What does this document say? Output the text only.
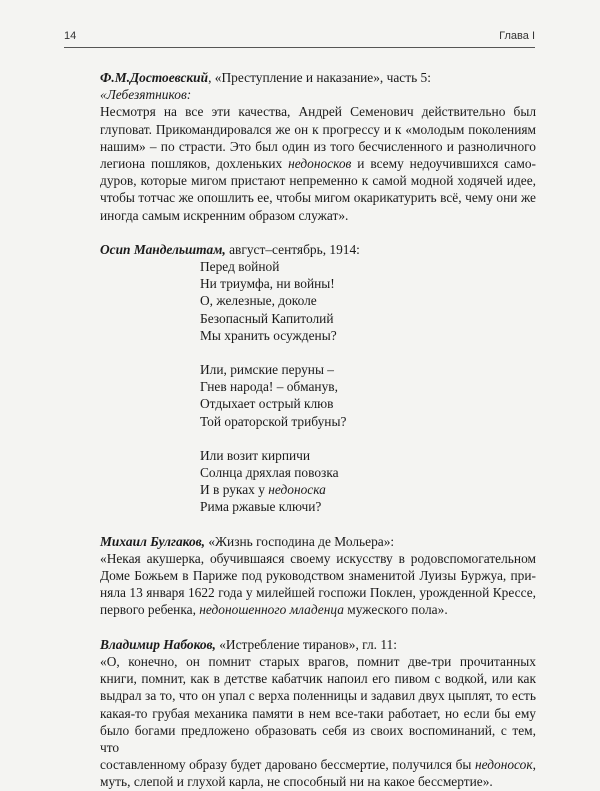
14	Глава I
Ф.М.Достоевский, «Преступление и наказание», часть 5:
«Лебезятников:
Несмотря на все эти качества, Андрей Семенович действительно был
глуповат. Прикомандировался же он к прогрессу и к «молодым поколениям
нашим» – по страсти. Это был один из того бесчисленного и разноличного
легиона пошляков, дохленьких недоносков и всему недоучившихся само-
дуров, которые мигом пристают непременно к самой модной ходячей идее,
чтобы тотчас же опошлить ее, чтобы мигом окарикатурить всё, чему они же
иногда самым искренним образом служат».
Осип Мандельштам, август–сентябрь, 1914:
Перед войной
Ни триумфа, ни войны!
О, железные, доколе
Безопасный Капитолий
Мы хранить осуждены?
Или, римские перуны –
Гнев народа! – обманув,
Отдыхает острый клюв
Той ораторской трибуны?
Или возит кирпичи
Солнца дряхлая повозка
И в руках у недоноска
Рима ржавые ключи?
Михаил Булгаков, «Жизнь господина де Мольера»:
«Некая акушерка, обучившаяся своему искусству в родовспомогательном
Доме Божьем в Париже под руководством знаменитой Луизы Буржуа, при-
няла 13 января 1622 года у милейшей госпожи Поклен, урожденной Крессе,
первого ребенка, недоношенного младенца мужеского пола».
Владимир Набоков, «Истребление тиранов», гл. 11:
«О, конечно, он помнит старых врагов, помнит две-три прочитанных
книги, помнит, как в детстве кабатчик напоил его пивом с водкой, или как
выдрал за то, что он упал с верха поленницы и задавил двух цыплят, то есть
какая-то грубая механика памяти в нем все-таки работает, но если бы ему
было богами предложено образовать себя из своих воспоминаний, с тем, что
составленному образу будет даровано бессмертие, получился бы недоносок,
муть, слепой и глухой карла, не способный ни на какое бессмертие».
